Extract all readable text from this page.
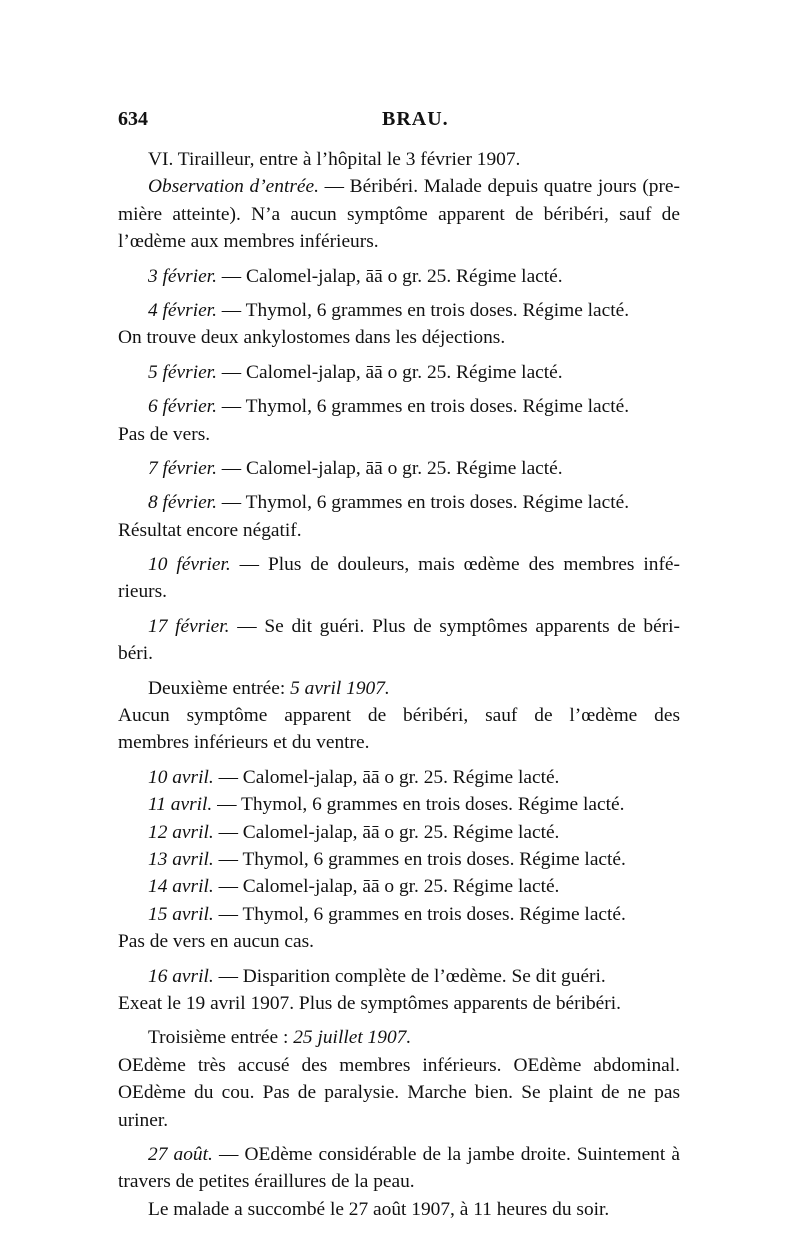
634	BRAU.
VI. Tirailleur, entre à l’hôpital le 3 février 1907.
Observation d’entrée. — Béribéri. Malade depuis quatre jours (pre-
mière atteinte). N’a aucun symptôme apparent de béribéri, sauf de
l’œdème aux membres inférieurs.
3 février. — Calomel-jalap, āā o gr. 25. Régime lacté.
4 février. — Thymol, 6 grammes en trois doses. Régime lacté.
On trouve deux ankylostomes dans les déjections.
5 février. — Calomel-jalap, āā o gr. 25. Régime lacté.
6 février. — Thymol, 6 grammes en trois doses. Régime lacté.
Pas de vers.
7 février. — Calomel-jalap, āā o gr. 25. Régime lacté.
8 février. — Thymol, 6 grammes en trois doses. Régime lacté.
Résultat encore négatif.
10 février. — Plus de douleurs, mais œdème des membres infé-
rieurs.
17 février. — Se dit guéri. Plus de symptômes apparents de béri-
béri.
Deuxième entrée: 5 avril 1907.
Aucun symptôme apparent de béribéri, sauf de l’œdème des
membres inférieurs et du ventre.
10 avril. — Calomel-jalap, āā o gr. 25. Régime lacté.
11 avril. — Thymol, 6 grammes en trois doses. Régime lacté.
12 avril. — Calomel-jalap, āā o gr. 25. Régime lacté.
13 avril. — Thymol, 6 grammes en trois doses. Régime lacté.
14 avril. — Calomel-jalap, āā o gr. 25. Régime lacté.
15 avril. — Thymol, 6 grammes en trois doses. Régime lacté.
Pas de vers en aucun cas.
16 avril. — Disparition complète de l’œdème. Se dit guéri.
Exeat le 19 avril 1907. Plus de symptômes apparents de béribéri.
Troisième entrée : 25 juillet 1907.
OEdème très accusé des membres inférieurs. OEdème abdominal.
OEdème du cou. Pas de paralysie. Marche bien. Se plaint de ne pas
uriner.
27 août. — OEdème considérable de la jambe droite. Suintement à
travers de petites éraillures de la peau.
Le malade a succombé le 27 août 1907, à 11 heures du soir.
